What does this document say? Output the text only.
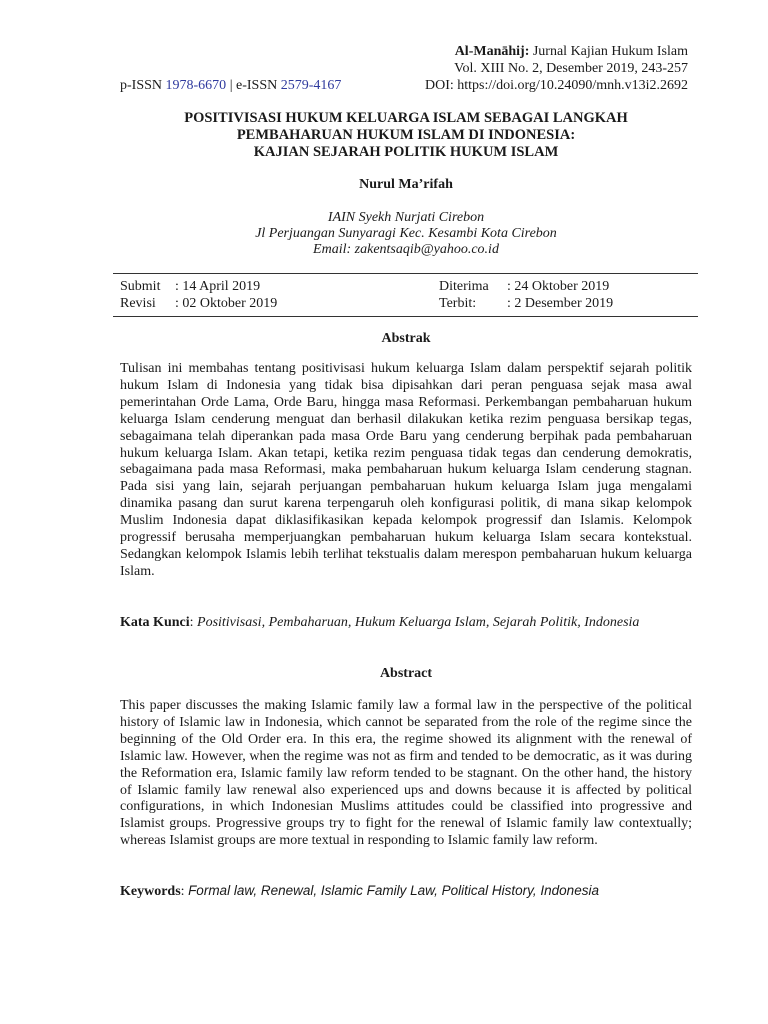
Al-Manāhij: Jurnal Kajian Hukum Islam
Vol. XIII No. 2, Desember 2019, 243-257
p-ISSN 1978-6670 | e-ISSN 2579-4167	DOI: https://doi.org/10.24090/mnh.v13i2.2692
POSITIVISASI HUKUM KELUARGA ISLAM SEBAGAI LANGKAH
PEMBAHARUAN HUKUM ISLAM DI INDONESIA:
KAJIAN SEJARAH POLITIK HUKUM ISLAM
Nurul Ma’rifah
IAIN Syekh Nurjati Cirebon
Jl Perjuangan Sunyaragi Kec. Kesambi Kota Cirebon
Email: zakentsaqib@yahoo.co.id
Submit : 14 April 2019
Revisi : 02 Oktober 2019
Diterima : 24 Oktober 2019
Terbit: : 2 Desember 2019
Abstrak
Tulisan ini membahas tentang positivisasi hukum keluarga Islam dalam perspektif sejarah politik hukum Islam di Indonesia yang tidak bisa dipisahkan dari peran penguasa sejak masa awal pemerintahan Orde Lama, Orde Baru, hingga masa Reformasi. Perkembangan pembaharuan hukum keluarga Islam cenderung menguat dan berhasil dilakukan ketika rezim penguasa bersikap tegas, sebagaimana telah diperankan pada masa Orde Baru yang cenderung berpihak pada pembaharuan hukum keluarga Islam. Akan tetapi, ketika rezim penguasa tidak tegas dan cenderung demokratis, sebagaimana pada masa Reformasi, maka pembaharuan hukum keluarga Islam cenderung stagnan. Pada sisi yang lain, sejarah perjuangan pembaharuan hukum keluarga Islam juga mengalami dinamika pasang dan surut karena terpengaruh oleh konfigurasi politik, di mana sikap kelompok Muslim Indonesia dapat diklasifikasikan kepada kelompok progressif dan Islamis. Kelompok progressif berusaha memperjuangkan pembaharuan hukum keluarga Islam secara kontekstual. Sedangkan kelompok Islamis lebih terlihat tekstualis dalam merespon pembaharuan hukum keluarga Islam.
Kata Kunci: Positivisasi, Pembaharuan, Hukum Keluarga Islam, Sejarah Politik, Indonesia
Abstract
This paper discusses the making Islamic family law a formal law in the perspective of the political history of Islamic law in Indonesia, which cannot be separated from the role of the regime since the beginning of the Old Order era. In this era, the regime showed its alignment with the renewal of Islamic law. However, when the regime was not as firm and tended to be democratic, as it was during the Reformation era, Islamic family law reform tended to be stagnant. On the other hand, the history of Islamic family law renewal also experienced ups and downs because it is affected by political configurations, in which Indonesian Muslims attitudes could be classified into progressive and Islamist groups. Progressive groups try to fight for the renewal of Islamic family law contextually; whereas Islamist groups are more textual in responding to Islamic family law reform.
Keywords: Formal law, Renewal, Islamic Family Law, Political History, Indonesia
